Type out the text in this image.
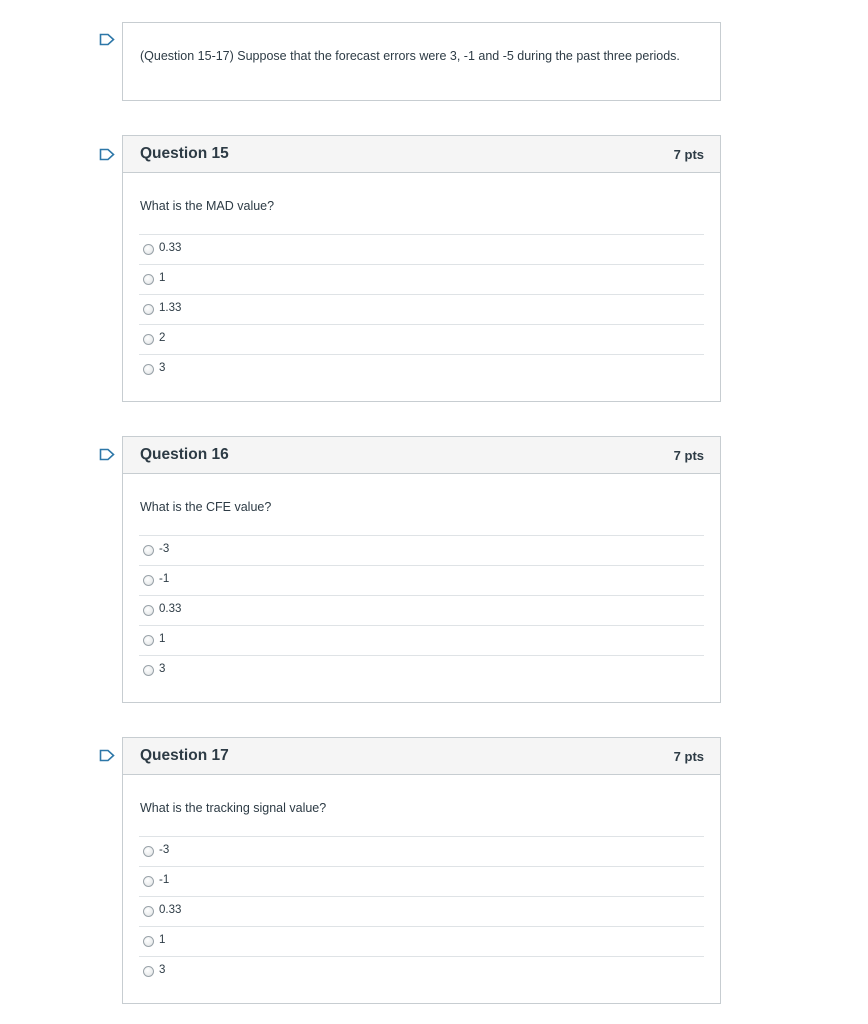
(Question 15-17) Suppose that the forecast errors were 3, -1 and -5 during the past three periods.
Question 15	7 pts
What is the MAD value?
0.33
1
1.33
2
3
Question 16	7 pts
What is the CFE value?
-3
-1
0.33
1
3
Question 17	7 pts
What is the tracking signal value?
-3
-1
0.33
1
3
